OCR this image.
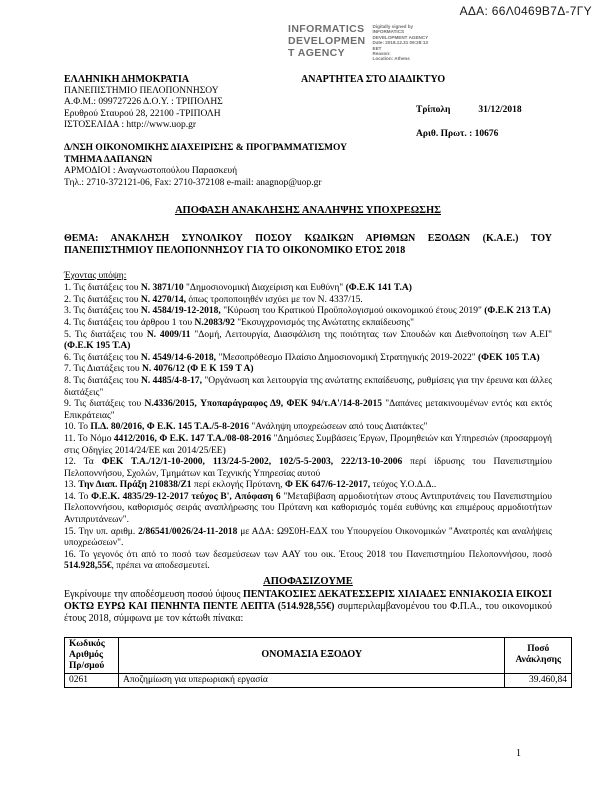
ΑΔΑ: 66Λ0469Β7Δ-7ΓΥ
INFORMATICS
DEVELOPMEN
T AGENCY
Digitally signed by
INFORMATICS
DEVELOPMENT AGENCY
Date: 2018.12.31 09:28:13
EET
Reason:
Location: Athens
ΕΛΛΗΝΙΚΗ ΔΗΜΟΚΡΑΤΙΑ
ΠΑΝΕΠΙΣΤΗΜΙΟ ΠΕΛΟΠΟΝΝΗΣΟΥ
Α.Φ.Μ.: 099727226 Δ.Ο.Υ. : ΤΡΙΠΟΛΗΣ
Ερυθρού Σταυρού 28, 22100 -ΤΡΙΠΟΛΗ
ΙΣΤΟΣΕΛΙΔΑ : http://www.uop.gr
ΑΝΑΡΤΗΤΕΑ ΣΤΟ ΔΙΑΔΙΚΤΥΟ
Τρίπολη	31/12/2018
Αριθ. Πρωτ. : 10676
Δ/ΝΣΗ ΟΙΚΟΝΟΜΙΚΗΣ ΔΙΑΧΕΙΡΙΣΗΣ & ΠΡΟΓΡΑΜΜΑΤΙΣΜΟΥ
ΤΜΗΜΑ ΔΑΠΑΝΩΝ
ΑΡΜΟΔΙΟΙ : Αναγνωστοπούλου Παρασκευή
Τηλ.: 2710-372121-06, Fax: 2710-372108 e-mail: anagnop@uop.gr

ΑΠΟΦΑΣΗ ΑΝΑΚΛΗΣΗΣ ΑΝΑΛΗΨΗΣ ΥΠΟΧΡΕΩΣΗΣ

ΘΕΜΑ: ΑΝΑΚΛΗΣΗ ΣΥΝΟΛΙΚΟΥ ΠΟΣΟΥ ΚΩΔΙΚΩΝ ΑΡΙΘΜΩΝ ΕΞΟΔΩΝ (Κ.Α.Ε.) ΤΟΥ ΠΑΝΕΠΙΣΤΗΜΙΟΥ ΠΕΛΟΠΟΝΝΗΣΟΥ ΓΙΑ ΤΟ ΟΙΚΟΝΟΜΙΚΟ ΕΤΟΣ 2018

Έχοντας υπόψη:

1. Τις διατάξεις του Ν. 3871/10 "Δημοσιονομική Διαχείριση και Ευθύνη" (Φ.Ε.Κ 141 Τ.Α)

2. Τις διατάξεις του Ν. 4270/14, όπως τροποποιηθέν ισχύει με τον Ν. 4337/15.

3. Τις διατάξεις του Ν. 4584/19-12-2018, "Κύρωση του Κρατικού Προϋπολογισμού οικονομικού έτους 2019" (Φ.Ε.Κ 213 Τ.Α)

4. Τις διατάξεις του άρθρου 1 του Ν.2083/92 "Εκσυγχρονισμός της Ανώτατης εκπαίδευσης"

5. Τις διατάξεις του Ν. 4009/11 "Δομή, Λειτουργία, Διασφάλιση της ποιότητας των Σπουδών και Διεθνοποίηση των Α.ΕΙ" (Φ.Ε.Κ 195 Τ.Α)

6. Τις διατάξεις του Ν. 4549/14-6-2018, "Μεσοπρόθεσμο Πλαίσιο Δημοσιονομική Στρατηγικής 2019-2022" (ΦΕΚ 105 Τ.Α)

7. Τις Διατάξεις του Ν. 4076/12 (Φ Ε Κ 159 Τ Α)

8. Τις διατάξεις του Ν. 4485/4-8-17, "Οργάνωση και λειτουργία της ανώτατης εκπαίδευσης, ρυθμίσεις για την έρευνα και άλλες διατάξεις"

9. Τις διατάξεις του Ν.4336/2015, Υποπαράγραφος Δ9, ΦΕΚ 94/τ.Α'/14-8-2015 "Δαπάνες μετακινουμένων εντός και εκτός Επικράτειας"

10. Το Π.Δ. 80/2016, Φ Ε.Κ. 145 Τ.Α./5-8-2016 "Ανάληψη υποχρεώσεων από τους Διατάκτες"

11. Το Νόμο 4412/2016, Φ Ε.Κ. 147 Τ.Α./08-08-2016 "Δημόσιες Συμβάσεις Έργων, Προμηθειών και Υπηρεσιών (προσαρμογή στις Οδηγίες 2014/24/ΕΕ και 2014/25/ΕΕ)

12. Τα ΦΕΚ Τ.Α./12/1-10-2000, 113/24-5-2002, 102/5-5-2003, 222/13-10-2006 περί ίδρυσης του Πανεπιστημίου Πελοποννήσου, Σχολών, Τμημάτων και Τεχνικής Υπηρεσίας αυτού

13. Την Διαπ. Πράξη 210838/Ζ1 περί εκλογής Πρύτανη, Φ ΕΚ 647/6-12-2017, τεύχος Υ.Ο.Δ.Δ..

14. Το Φ.Ε.Κ. 4835/29-12-2017 τεύχος Β', Απόφαση 6 "Μεταβίβαση αρμοδιοτήτων στους Αντιπρυτάνεις του Πανεπιστημίου Πελοποννήσου, καθορισμός σειράς αναπλήρωσης του Πρύτανη και καθορισμός τομέα ευθύνης και επιμέρους αρμοδιοτήτων Αντιπρυτάνεων".

15. Την υπ. αριθμ. 2/86541/0026/24-11-2018 με ΑΔΑ: Ω9Σ0Η-ΕΔΧ του Υπουργείου Οικονομικών "Ανατροπές και αναλήψεις υποχρεώσεων".

16. Το γεγονός ότι από το ποσό των δεσμεύσεων των ΑΑΥ του οικ. Έτους 2018 του Πανεπιστημίου Πελοποννήσου, ποσό 514.928,55€, πρέπει να αποδεσμευτεί.

ΑΠΟΦΑΣΙΖΟΥΜΕ

Εγκρίνουμε την αποδέσμευση ποσού ύψους ΠΕΝΤΑΚΟΣΙΕΣ ΔΕΚΑΤΕΣΣΕΡΙΣ ΧΙΛΙΑΔΕΣ ΕΝΝΙΑΚΟΣΙΑ ΕΙΚΟΣΙ ΟΚΤΩ ΕΥΡΩ ΚΑΙ ΠΕΝΗΝΤΑ ΠΕΝΤΕ ΛΕΠΤΑ (514.928,55€) συμπεριλαμβανομένου του Φ.Π.Α., του οικονομικού έτους 2018, σύμφωνα με τον κάτωθι πίνακα:

Κωδικός Αριθμός Πρ/σμού	ΟΝΟΜΑΣΙΑ ΕΞΟΔΟΥ	Ποσό Ανάκλησης
0261	Αποζημίωση για υπερωριακή εργασία	39.460,84
1
